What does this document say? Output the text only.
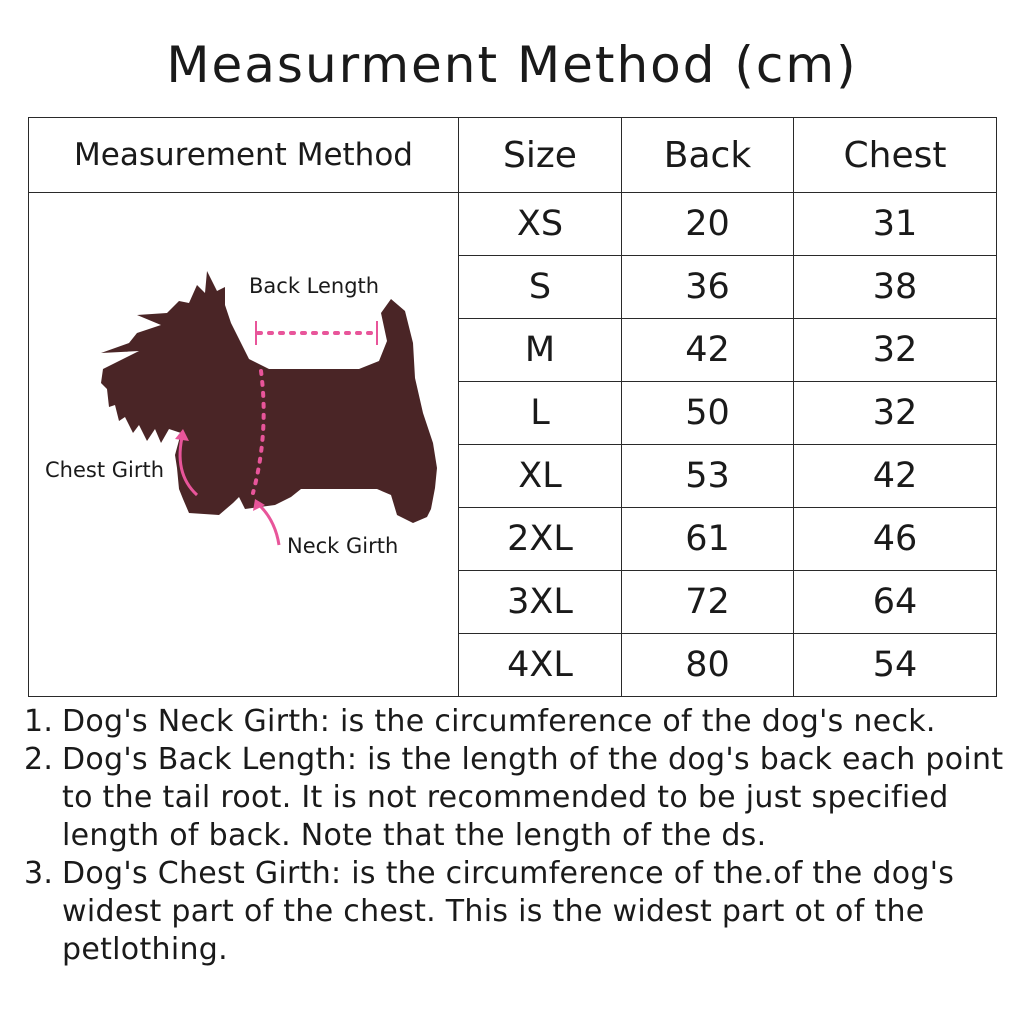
Measurment Method (cm)
Measurement Method	Size	Back	Chest

Back Length
Chest Girth
Neck Girth	XS	20	31
	S	36	38
	M	42	32
	L	50	32
	XL	53	42
	2XL	61	46
	3XL	72	64
	4XL	80	54
1. Dog's Neck Girth: is the circumference of the dog's neck.
2. Dog's Back Length: is the length of the dog's back each point to the tail root. It is not recommended to be just specified length of back. Note that the length of the ds.
3. Dog's Chest Girth: is the circumference of the.of the dog's widest part of the chest. This is the widest part ot of the petlothing.
